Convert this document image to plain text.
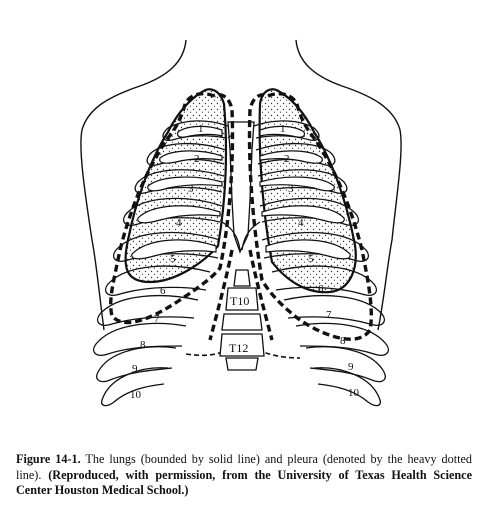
1
2
3
4
5
6
7
8
9
10
1
2
3
4
5
6
7
8
9
10
T10
T12
Figure 14-1. The lungs (bounded by solid line) and pleura (denoted by the heavy dotted line). (Reproduced, with permission, from the University of Texas Health Science Center Houston Medical School.)
